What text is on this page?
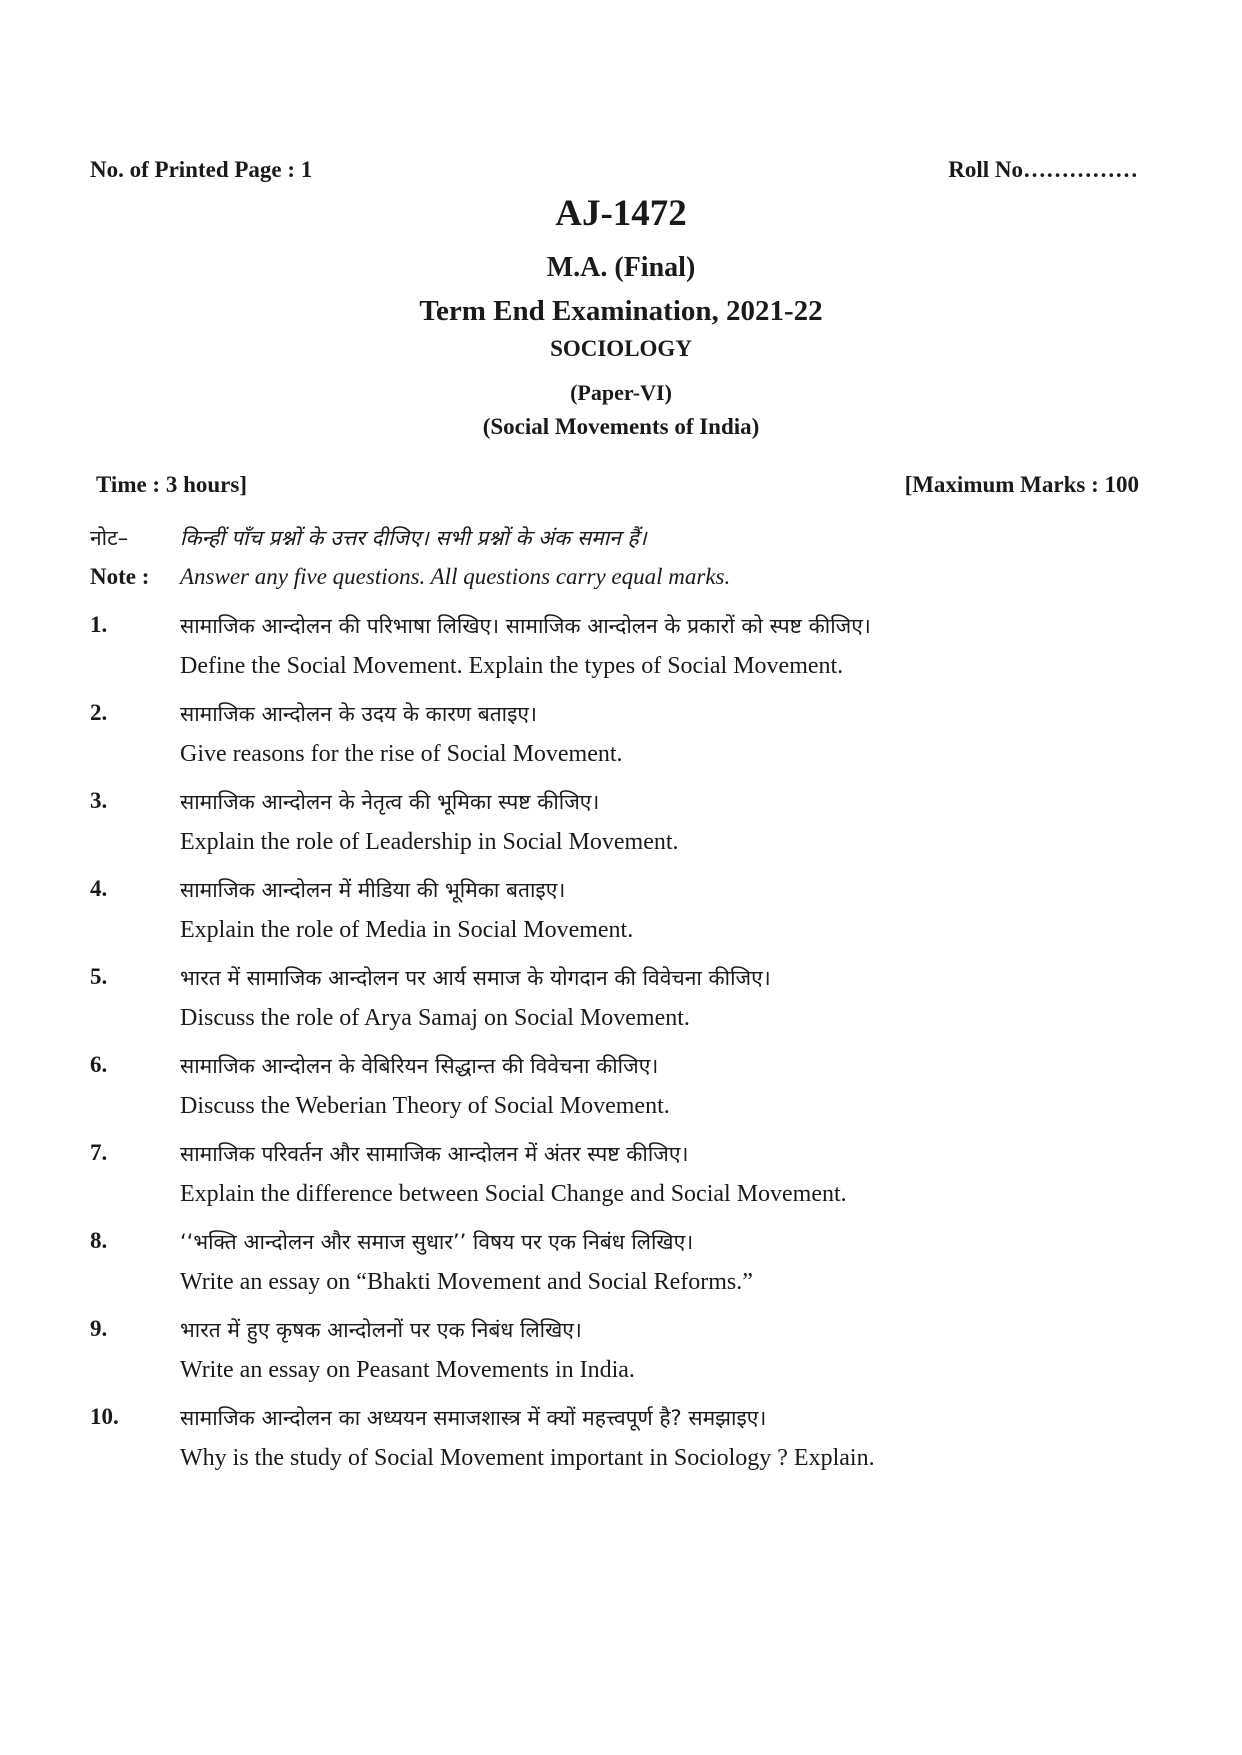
No. of Printed Page : 1	Roll No……………
AJ-1472
M.A. (Final)
Term End Examination, 2021-22
SOCIOLOGY
(Paper-VI)
(Social Movements of India)
Time : 3 hours]	[Maximum Marks : 100
नोट– किन्हीं पाँच प्रश्नों के उत्तर दीजिए। सभी प्रश्नों के अंक समान हैं।
Note : Answer any five questions. All questions carry equal marks.
1.	सामाजिक आन्दोलन की परिभाषा लिखिए। सामाजिक आन्दोलन के प्रकारों को स्पष्ट कीजिए।
Define the Social Movement. Explain the types of Social Movement.
2.	सामाजिक आन्दोलन के उदय के कारण बताइए।
Give reasons for the rise of Social Movement.
3.	सामाजिक आन्दोलन के नेतृत्व की भूमिका स्पष्ट कीजिए।
Explain the role of Leadership in Social Movement.
4.	सामाजिक आन्दोलन में मीडिया की भूमिका बताइए।
Explain the role of Media in Social Movement.
5.	भारत में सामाजिक आन्दोलन पर आर्य समाज के योगदान की विवेचना कीजिए।
Discuss the role of Arya Samaj on Social Movement.
6.	सामाजिक आन्दोलन के वेबिरियन सिद्धान्त की विवेचना कीजिए।
Discuss the Weberian Theory of Social Movement.
7.	सामाजिक परिवर्तन और सामाजिक आन्दोलन में अंतर स्पष्ट कीजिए।
Explain the difference between Social Change and Social Movement.
8.	‘‘भक्ति आन्दोलन और समाज सुधार’’ विषय पर एक निबंध लिखिए।
Write an essay on “Bhakti Movement and Social Reforms.”
9.	भारत में हुए कृषक आन्दोलनों पर एक निबंध लिखिए।
Write an essay on Peasant Movements in India.
10.	सामाजिक आन्दोलन का अध्ययन समाजशास्त्र में क्यों महत्त्वपूर्ण है? समझाइए।
Why is the study of Social Movement important in Sociology ? Explain.
